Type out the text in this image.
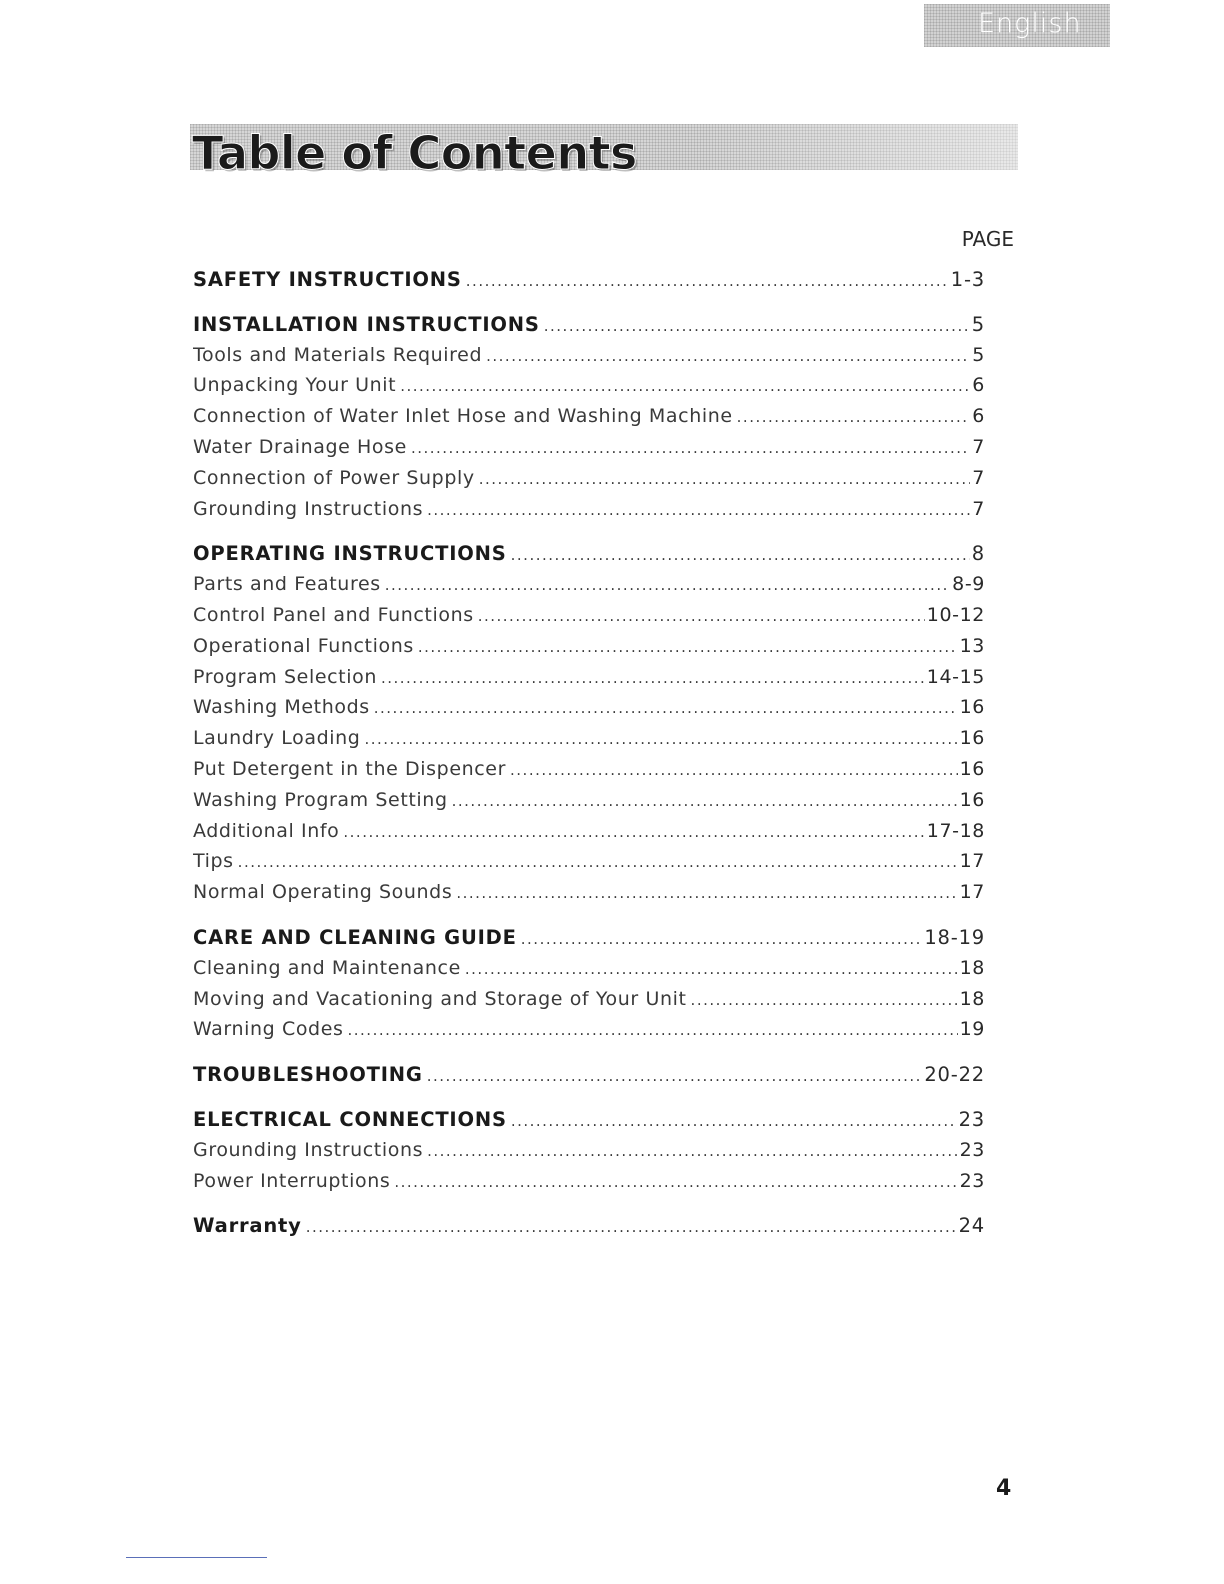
English
Table of Contents
PAGE
SAFETY INSTRUCTIONS .....	1-3
INSTALLATION INSTRUCTIONS .....	5
Tools and Materials Required .....	5
Unpacking Your Unit .....	6
Connection of Water Inlet Hose and Washing Machine .....	6
Water Drainage Hose .....	7
Connection of Power Supply .....	7
Grounding Instructions .....	7
OPERATING INSTRUCTIONS .....	8
Parts and Features .....	8-9
Control Panel and Functions .....	10-12
Operational Functions .....	13
Program Selection .....	14-15
Washing Methods .....	16
Laundry Loading .....	16
Put Detergent in the Dispencer .....	16
Washing Program Setting .....	16
Additional Info .....	17-18
Tips .....	17
Normal Operating Sounds .....	17
CARE AND CLEANING GUIDE .....	18-19
Cleaning and Maintenance .....	18
Moving and Vacationing and Storage of Your Unit .....	18
Warning Codes .....	19
TROUBLESHOOTING .....	20-22
ELECTRICAL CONNECTIONS .....	23
Grounding Instructions .....	23
Power Interruptions .....	23
Warranty .....	24
4
